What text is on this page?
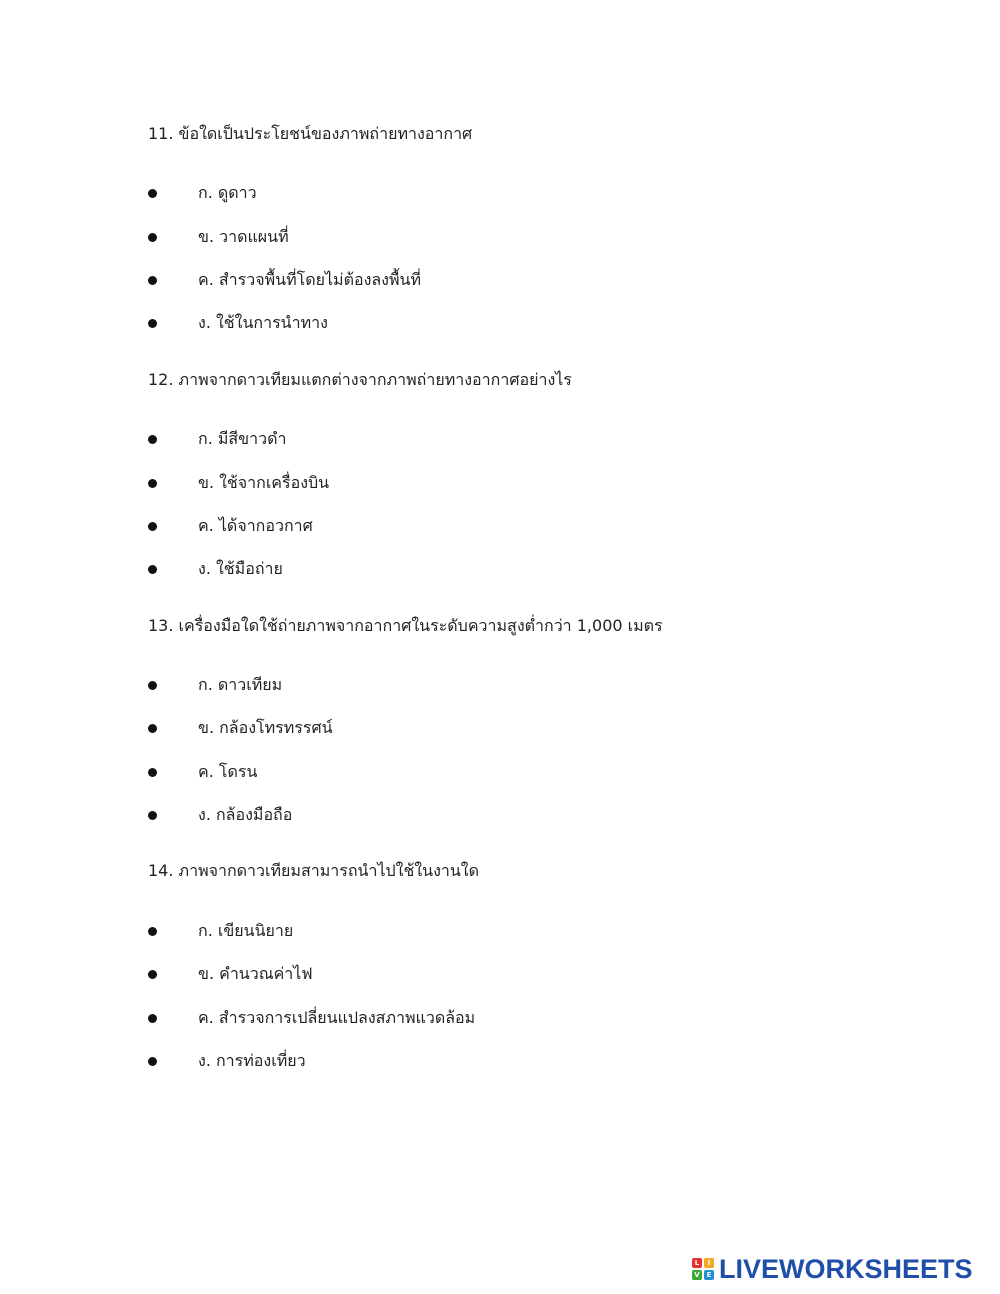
11. ข้อใดเป็นประโยชน์ของภาพถ่ายทางอากาศ

ก. ดูดาว
ข. วาดแผนที่
ค. สำรวจพื้นที่โดยไม่ต้องลงพื้นที่
ง. ใช้ในการนำทาง

12. ภาพจากดาวเทียมแตกต่างจากภาพถ่ายทางอากาศอย่างไร

ก. มีสีขาวดำ
ข. ใช้จากเครื่องบิน
ค. ได้จากอวกาศ
ง. ใช้มือถ่าย

13. เครื่องมือใดใช้ถ่ายภาพจากอากาศในระดับความสูงต่ำกว่า 1,000 เมตร

ก. ดาวเทียม
ข. กล้องโทรทรรศน์
ค. โดรน
ง. กล้องมือถือ

14. ภาพจากดาวเทียมสามารถนำไปใช้ในงานใด

ก. เขียนนิยาย
ข. คำนวณค่าไฟ
ค. สำรวจการเปลี่ยนแปลงสภาพแวดล้อม
ง. การท่องเที่ยว
L	I
V E LIVEWORKSHEETS
